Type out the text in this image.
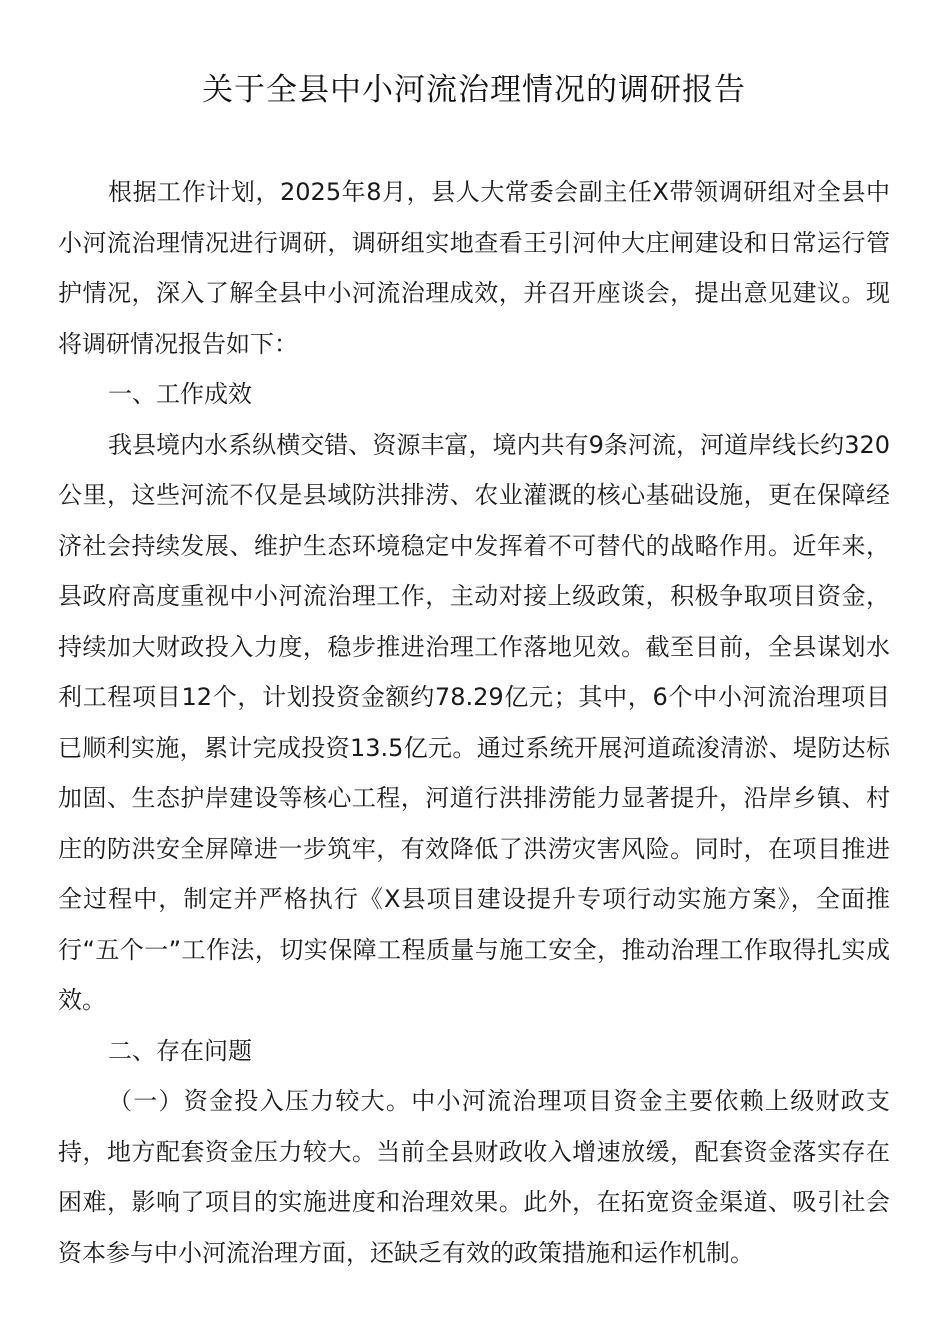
关于全县中小河流治理情况的调研报告

根据工作计划，2025年8月，县人大常委会副主任X带领调研组对全县中小河流治理情况进行调研，调研组实地查看王引河仲大庄闸建设和日常运行管护情况，深入了解全县中小河流治理成效，并召开座谈会，提出意见建议。现将调研情况报告如下：

一、工作成效

我县境内水系纵横交错、资源丰富，境内共有9条河流，河道岸线长约320公里，这些河流不仅是县域防洪排涝、农业灌溉的核心基础设施，更在保障经济社会持续发展、维护生态环境稳定中发挥着不可替代的战略作用。近年来，县政府高度重视中小河流治理工作，主动对接上级政策，积极争取项目资金，持续加大财政投入力度，稳步推进治理工作落地见效。截至目前，全县谋划水利工程项目12个，计划投资金额约78.29亿元；其中，6个中小河流治理项目已顺利实施，累计完成投资13.5亿元。通过系统开展河道疏浚清淤、堤防达标加固、生态护岸建设等核心工程，河道行洪排涝能力显著提升，沿岸乡镇、村庄的防洪安全屏障进一步筑牢，有效降低了洪涝灾害风险。同时，在项目推进全过程中，制定并严格执行《X县项目建设提升专项行动实施方案》，全面推行“五个一”工作法，切实保障工程质量与施工安全，推动治理工作取得扎实成效。

二、存在问题

（一）资金投入压力较大。中小河流治理项目资金主要依赖上级财政支持，地方配套资金压力较大。当前全县财政收入增速放缓，配套资金落实存在困难，影响了项目的实施进度和治理效果。此外，在拓宽资金渠道、吸引社会资本参与中小河流治理方面，还缺乏有效的政策措施和运作机制。
